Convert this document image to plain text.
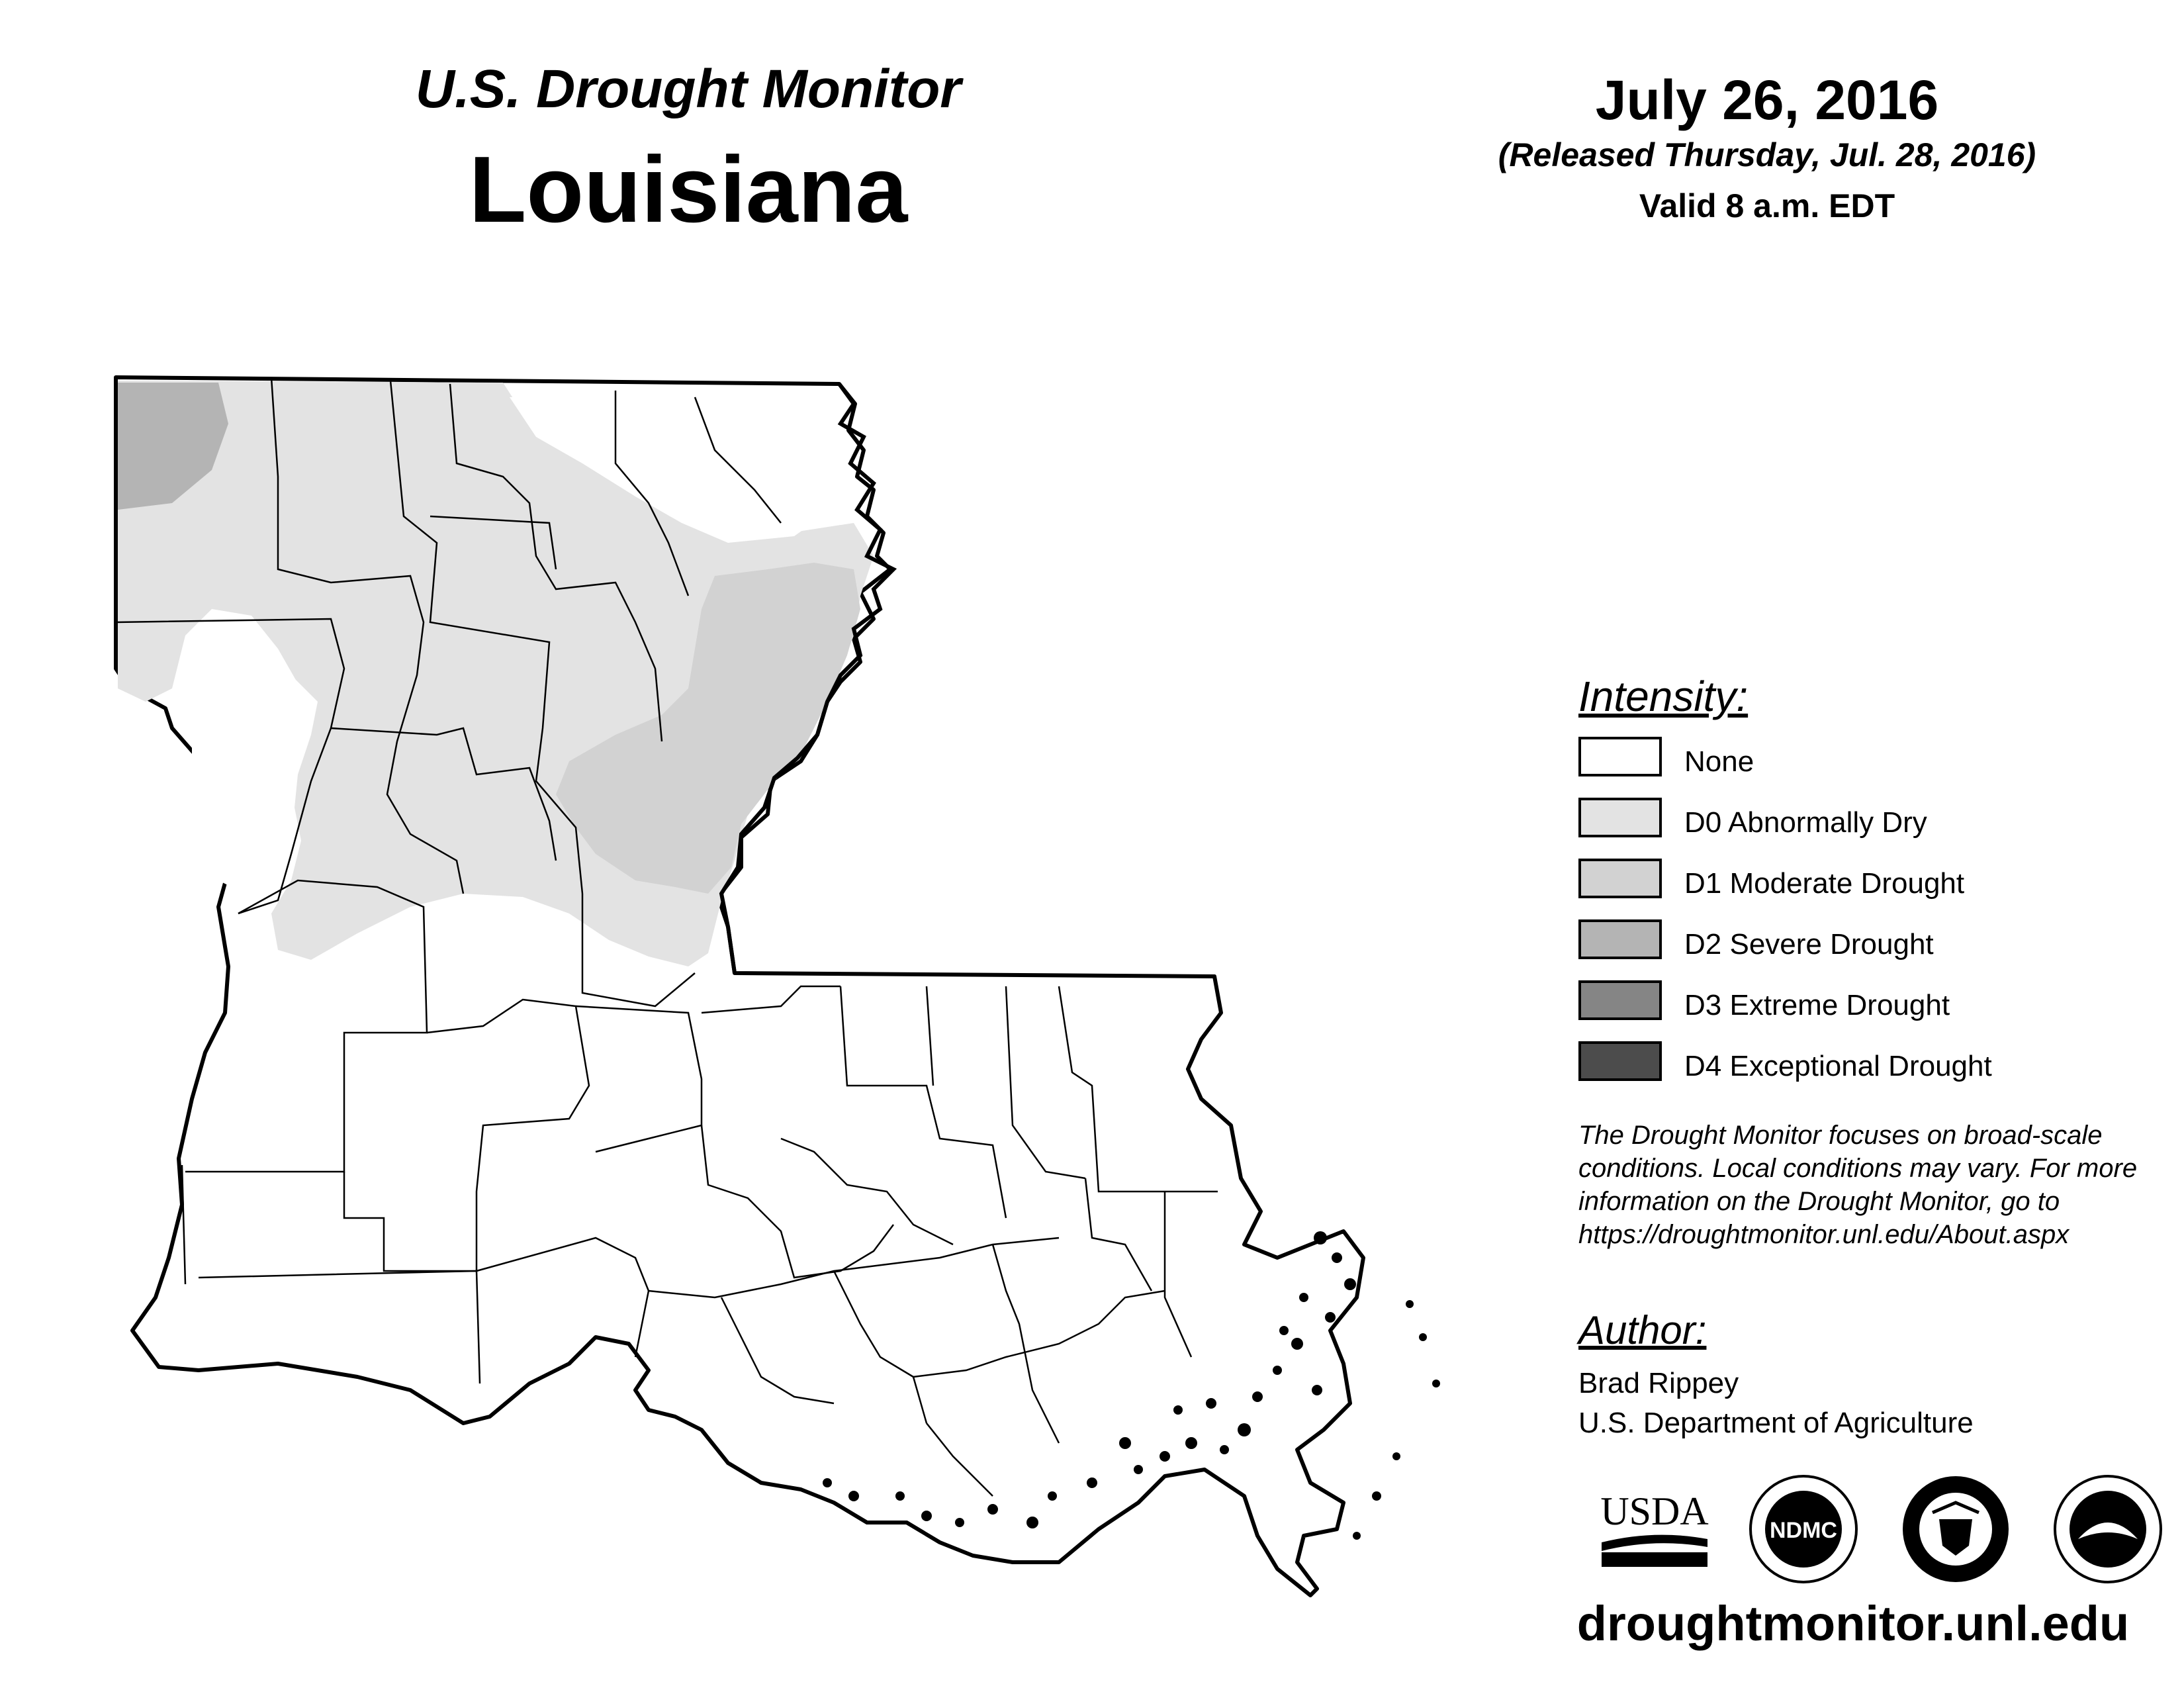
U.S. Drought Monitor
Louisiana
July 26, 2016
(Released Thursday, Jul. 28, 2016)
Valid 8 a.m. EDT
Intensity:
None
D0 Abnormally Dry
D1 Moderate Drought
D2 Severe Drought
D3 Extreme Drought
D4 Exceptional Drought
The Drought Monitor focuses on broad-scale conditions. Local conditions may vary. For more information on the Drought Monitor, go to https://droughtmonitor.unl.edu/About.aspx
Author:
Brad Rippey
U.S. Department of Agriculture
USDA	NDMC
droughtmonitor.unl.edu
